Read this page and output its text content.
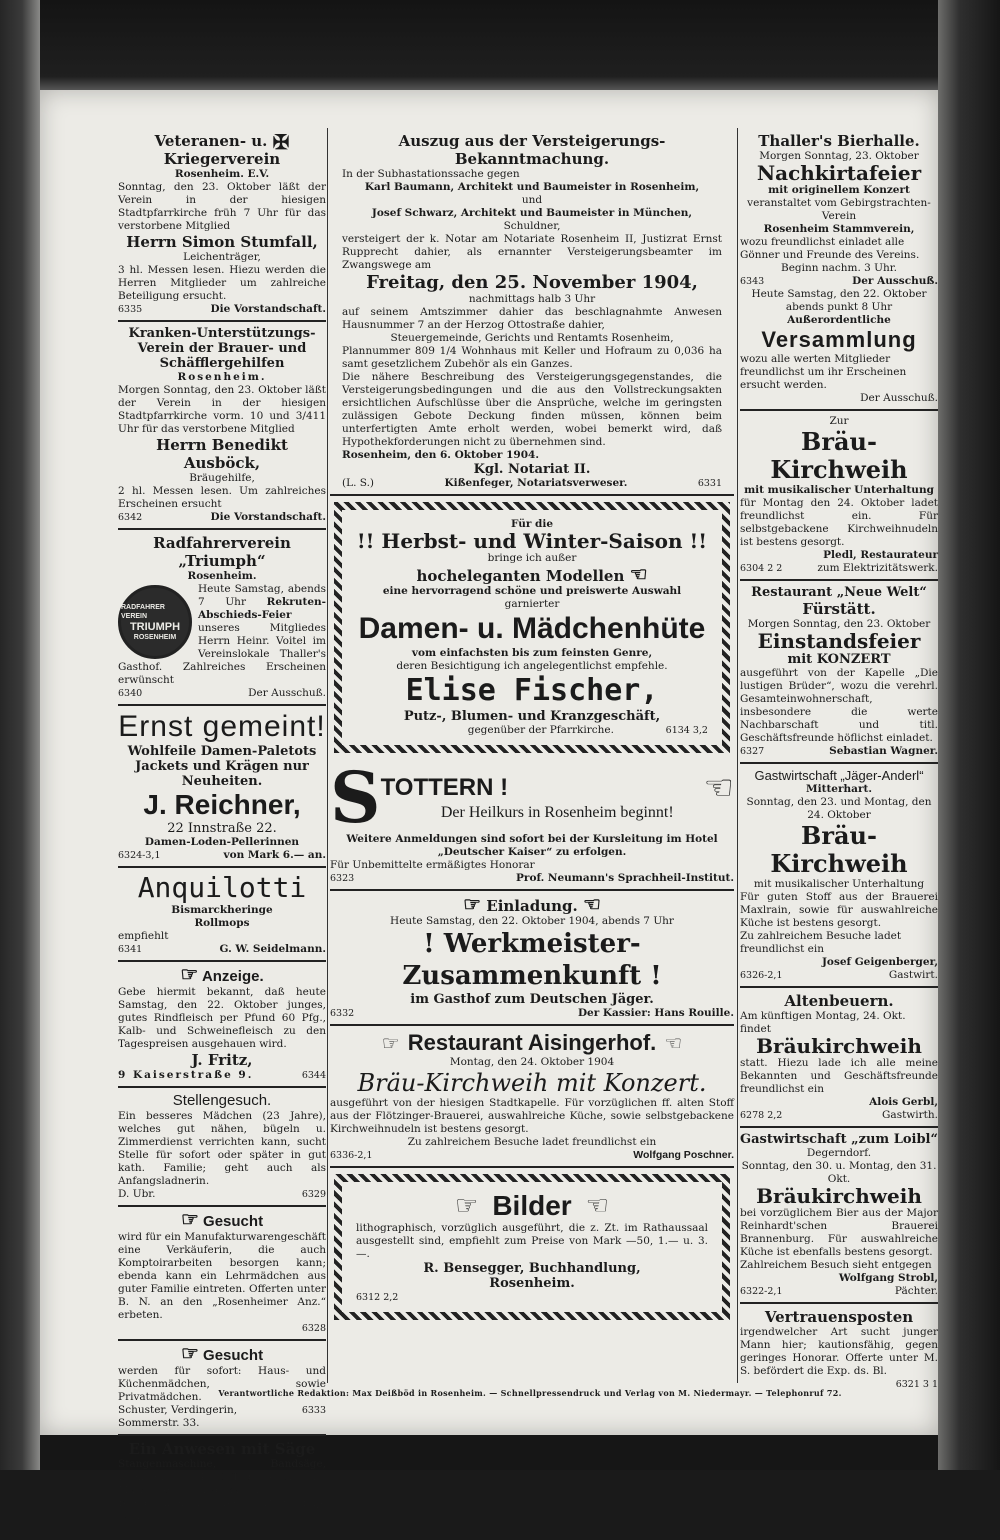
Veteranen- u. ✠ Kriegerverein
Rosenheim. E.V.
Sonntag, den 23. Oktober läßt der Verein in der hiesigen Stadtpfarrkirche früh 7 Uhr für das verstorbene Mitglied
Herrn Simon Stumfall,
Leichenträger,
3 hl. Messen lesen. Hiezu werden die Herren Mitglieder um zahlreiche Beteiligung ersucht.
6335	Die Vorstandschaft.
Kranken-Unterstützungs-Verein der Brauer- und Schäfflergehilfen
Rosenheim.
Morgen Sonntag, den 23. Oktober läßt der Verein in der hiesigen Stadtpfarrkirche vorm. 10 und 3/411 Uhr für das verstorbene Mitglied
Herrn Benedikt Ausböck,
Bräugehilfe,
2 hl. Messen lesen. Um zahlreiches Erscheinen ersucht
6342	Die Vorstandschaft.
Radfahrerverein „Triumph“
Rosenheim.
RADFAHRER VEREIN
TRIUMPH
ROSENHEIM
Heute Samstag, abends 7 Uhr Rekruten-Abschieds-Feier unseres Mitgliedes Herrn Heinr. Voitel im Vereinslokale Thaller's Gasthof. Zahlreiches Erscheinen erwünscht
6340	Der Ausschuß.
Ernst gemeint!
Wohlfeile Damen-Paletots Jackets und Krägen nur Neuheiten.
J. Reichner,
22 Innstraße 22.
Damen-Loden-Pellerinnen
6324-3,1	von Mark 6.— an.
Anquilotti
Bismarckheringe
Rollmops
empfiehlt
6341	G. W. Seidelmann.
☞ Anzeige.
Gebe hiermit bekannt, daß heute Samstag, den 22. Oktober junges, gutes Rindfleisch per Pfund 60 Pfg., Kalb- und Schweinefleisch zu den Tagespreisen ausgehauen wird.
J. Fritz,
9 Kaiserstraße 9.	6344
Stellengesuch.
Ein besseres Mädchen (23 Jahre), welches gut nähen, bügeln u. Zimmerdienst verrichten kann, sucht Stelle für sofort oder später in gut kath. Familie; geht auch als Anfangsladnerin.
D. Ubr.	6329
☞ Gesucht
wird für ein Manufakturwarengeschäft eine Verkäuferin, die auch Komptoirarbeiten besorgen kann; ebenda kann ein Lehrmädchen aus guter Familie eintreten. Offerten unter B. N. an den „Rosenheimer Anz.“ erbeten.
6328
☞ Gesucht
werden für sofort: Haus- und Küchenmädchen, sowie Privatmädchen.
Schuster, Verdingerin, Sommerstr. 33.
6333
Ein Anwesen mit Säge
Stangenmaschine, Bandsäge, Drehbank zc. 4 70 Tagw. Grund um Mark 8000.— zu verkaufen.
Briefe unter A. J. befördert die Exp. ds. Bl.
6320 3,1
Auszug aus der Versteigerungs-Bekanntmachung.
In der Subhastationssache gegen
Karl Baumann, Architekt und Baumeister in Rosenheim,
und
Josef Schwarz, Architekt und Baumeister in München,
Schuldner,
versteigert der k. Notar am Notariate Rosenheim II, Justizrat Ernst Rupprecht dahier, als ernannter Versteigerungsbeamter im Zwangswege am
Freitag, den 25. November 1904,
nachmittags halb 3 Uhr
auf seinem Amtszimmer dahier das beschlagnahmte Anwesen Hausnummer 7 an der Herzog Ottostraße dahier,
Steuergemeinde, Gerichts und Rentamts Rosenheim,
Plannummer 809 1/4 Wohnhaus mit Keller und Hofraum zu 0,036 ha samt gesetzlichem Zubehör als ein Ganzes.
Die nähere Beschreibung des Versteigerungsgegenstandes, die Versteigerungsbedingungen und die aus den Vollstreckungsakten ersichtlichen Aufschlüsse über die Ansprüche, welche im geringsten zulässigen Gebote Deckung finden müssen, können beim unterfertigten Amte erholt werden, wobei bemerkt wird, daß Hypothekforderungen nicht zu übernehmen sind.
Rosenheim, den 6. Oktober 1904.
Kgl. Notariat II.
(L. S.)	Kißenfeger, Notariatsverweser.	6331
Für die
!! Herbst- und Winter-Saison !!
bringe ich außer
hocheleganten Modellen ☜
eine hervorragend schöne und preiswerte Auswahl
garnierter
Damen- u. Mädchenhüte
vom einfachsten bis zum feinsten Genre,
deren Besichtigung ich angelegentlichst empfehle.
Elise Fischer,
Putz-, Blumen- und Kranzgeschäft,
gegenüber der Pfarrkirche.	6134 3,2
S TOTTERN !	☜
Der Heilkurs in Rosenheim beginnt!
Weitere Anmeldungen sind sofort bei der Kursleitung im Hotel „Deutscher Kaiser“ zu erfolgen.
Für Unbemittelte ermäßigtes Honorar
6323	Prof. Neumann's Sprachheil-Institut.
☞ Einladung. ☜
Heute Samstag, den 22. Oktober 1904, abends 7 Uhr
! Werkmeister-Zusammenkunft !
im Gasthof zum Deutschen Jäger.
6332	Der Kassier: Hans Rouille.
☞ Restaurant Aisingerhof. ☜
Montag, den 24. Oktober 1904
Bräu-Kirchweih mit Konzert.
ausgeführt von der hiesigen Stadtkapelle. Für vorzüglichen ff. alten Stoff aus der Flötzinger-Brauerei, auswahlreiche Küche, sowie selbstgebackene Kirchweihnudeln ist bestens gesorgt.
Zu zahlreichem Besuche ladet freundlichst ein
6336-2,1	Wolfgang Poschner.
☞ Bilder ☜
lithographisch, vorzüglich ausgeführt, die z. Zt. im Rathaussaal ausgestellt sind, empfiehlt zum Preise von Mark —50, 1.— u. 3.—.
R. Bensegger, Buchhandlung,
Rosenheim.
6312 2,2
Thaller's Bierhalle.
Morgen Sonntag, 23. Oktober
Nachkirtafeier
mit originellem Konzert
veranstaltet vom Gebirgstrachten-Verein
Rosenheim Stammverein,
wozu freundlichst einladet alle Gönner und Freunde des Vereins.
Beginn nachm. 3 Uhr.
6343	Der Ausschuß.
Heute Samstag, den 22. Oktober abends punkt 8 Uhr
Außerordentliche
Versammlung
wozu alle werten Mitglieder freundlichst um ihr Erscheinen ersucht werden.
Der Ausschuß.
Zur
Bräu-Kirchweih
mit musikalischer Unterhaltung
für Montag den 24. Oktober ladet freundlichst ein. Für selbstgebackene Kirchweihnudeln ist bestens gesorgt.
Pledl, Restaurateur
6304 2 2	zum Elektrizitätswerk.
Restaurant „Neue Welt“
Fürstätt.
Morgen Sonntag, den 23. Oktober
Einstandsfeier
mit KONZERT
ausgeführt von der Kapelle „Die lustigen Brüder“, wozu die verehrl. Gesamteinwohnerschaft, insbesondere die werte Nachbarschaft und titl. Geschäftsfreunde höflichst einladet.
6327	Sebastian Wagner.
Gastwirtschaft „Jäger-Anderl“
Mitterhart.
Sonntag, den 23. und Montag, den 24. Oktober
Bräu-Kirchweih
mit musikalischer Unterhaltung
Für guten Stoff aus der Brauerei Maxlrain, sowie für auswahlreiche Küche ist bestens gesorgt.
Zu zahlreichem Besuche ladet freundlichst ein
Josef Geigenberger,
6326-2,1	Gastwirt.
Altenbeuern.
Am künftigen Montag, 24. Okt. findet
Bräukirchweih
statt. Hiezu lade ich alle meine Bekannten und Geschäftsfreunde freundlichst ein
Alois Gerbl,
6278 2,2	Gastwirth.
Gastwirtschaft „zum Loibl“
Degerndorf.
Sonntag, den 30. u. Montag, den 31. Okt.
Bräukirchweih
bei vorzüglichem Bier aus der Major Reinhardt'schen Brauerei Brannenburg. Für auswahlreiche Küche ist ebenfalls bestens gesorgt.
Zahlreichem Besuch sieht entgegen
Wolfgang Strobl,
6322-2,1	Pächter.
Vertrauensposten
irgendwelcher Art sucht junger Mann hier; kautionsfähig, gegen geringes Honorar. Offerte unter M. S. befördert die Exp. ds. Bl.
6321 3 1
Verantwortliche Redaktion: Max Deißböd in Rosenheim. — Schnellpressendruck und Verlag von M. Niedermayr. — Telephonruf 72.
